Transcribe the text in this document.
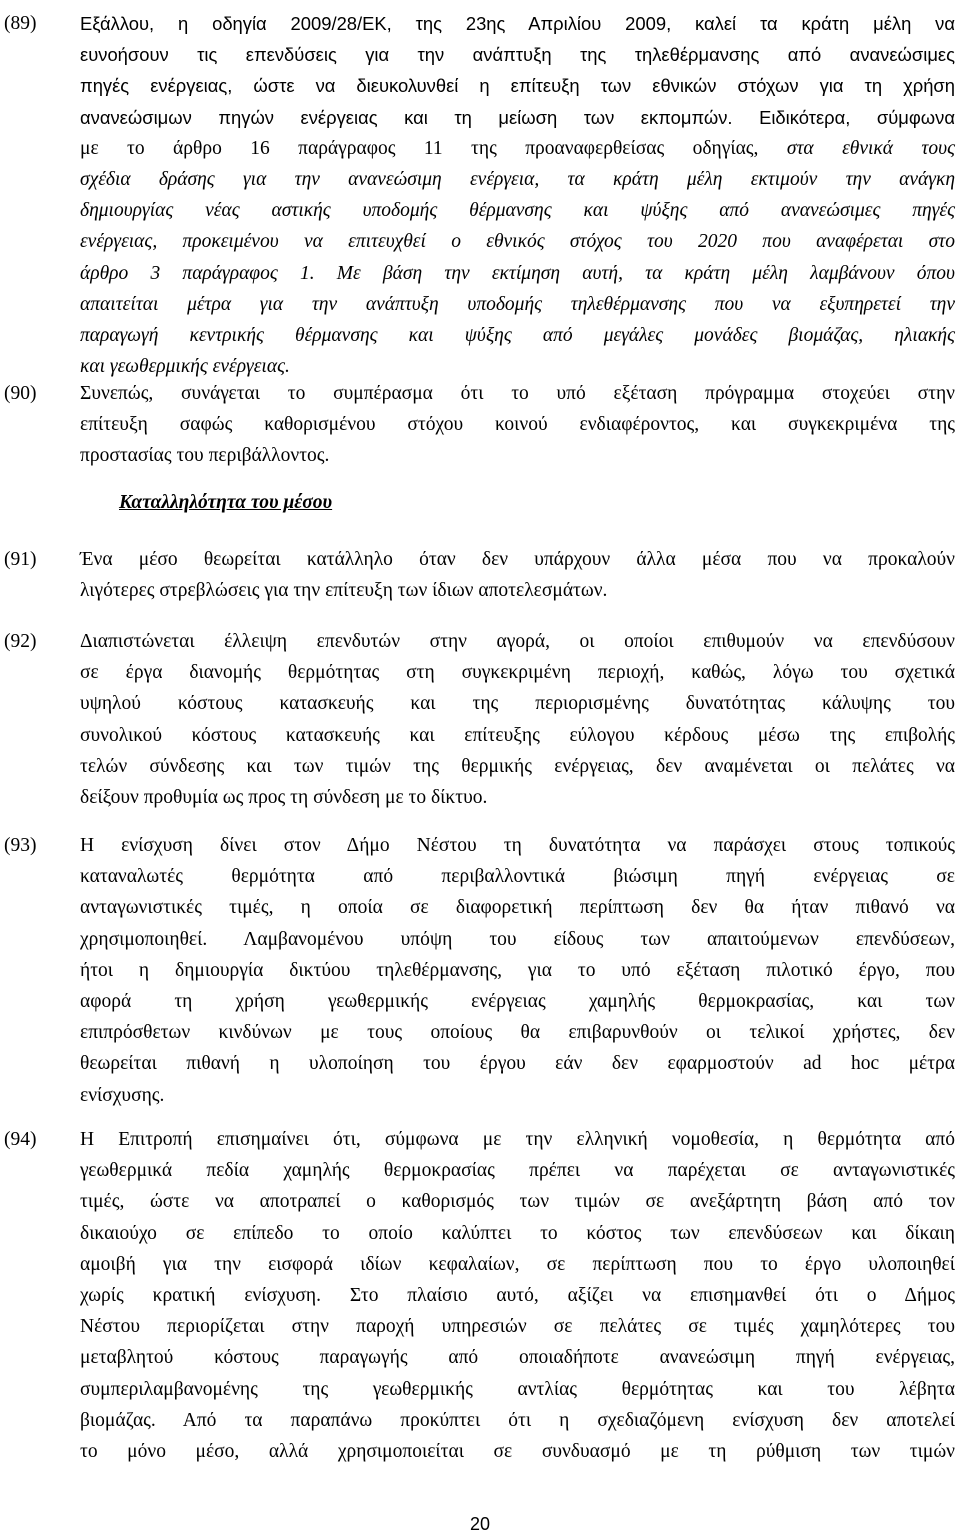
(89) Εξάλλου, η οδηγία 2009/28/ΕΚ, της 23ης Απριλίου 2009, καλεί τα κράτη μέλη να
ευνοήσουν τις επενδύσεις για την ανάπτυξη της τηλεθέρμανσης από ανανεώσιμες
πηγές ενέργειας, ώστε να διευκολυνθεί η επίτευξη των εθνικών στόχων για τη χρήση
ανανεώσιμων πηγών ενέργειας και τη μείωση των εκπομπών. Ειδικότερα, σύμφωνα
με το άρθρο 16 παράγραφος 11 της προαναφερθείσας οδηγίας, στα εθνικά τους
σχέδια δράσης για την ανανεώσιμη ενέργεια, τα κράτη μέλη εκτιμούν την ανάγκη
δημιουργίας νέας αστικής υποδομής θέρμανσης και ψύξης από ανανεώσιμες πηγές
ενέργειας, προκειμένου να επιτευχθεί ο εθνικός στόχος του 2020 που αναφέρεται στο
άρθρο 3 παράγραφος 1. Με βάση την εκτίμηση αυτή, τα κράτη μέλη λαμβάνουν όπου
απαιτείται μέτρα για την ανάπτυξη υποδομής τηλεθέρμανσης που να εξυπηρετεί την
παραγωγή κεντρικής θέρμανσης και ψύξης από μεγάλες μονάδες βιομάζας, ηλιακής
και γεωθερμικής ενέργειας.
(90) Συνεπώς, συνάγεται το συμπέρασμα ότι το υπό εξέταση πρόγραμμα στοχεύει στην
επίτευξη σαφώς καθορισμένου στόχου κοινού ενδιαφέροντος, και συγκεκριμένα της
προστασίας του περιβάλλοντος.
Καταλληλότητα του μέσου
(91) Ένα μέσο θεωρείται κατάλληλο όταν δεν υπάρχουν άλλα μέσα που να προκαλούν
λιγότερες στρεβλώσεις για την επίτευξη των ίδιων αποτελεσμάτων.
(92) Διαπιστώνεται έλλειψη επενδυτών στην αγορά, οι οποίοι επιθυμούν να επενδύσουν
σε έργα διανομής θερμότητας στη συγκεκριμένη περιοχή, καθώς, λόγω του σχετικά
υψηλού κόστους κατασκευής και της περιορισμένης δυνατότητας κάλυψης του
συνολικού κόστους κατασκευής και επίτευξης εύλογου κέρδους μέσω της επιβολής
τελών σύνδεσης και των τιμών της θερμικής ενέργειας, δεν αναμένεται οι πελάτες να
δείξουν προθυμία ως προς τη σύνδεση με το δίκτυο.
(93) Η ενίσχυση δίνει στον Δήμο Νέστου τη δυνατότητα να παράσχει στους τοπικούς
καταναλωτές θερμότητα από περιβαλλοντικά βιώσιμη πηγή ενέργειας σε
ανταγωνιστικές τιμές, η οποία σε διαφορετική περίπτωση δεν θα ήταν πιθανό να
χρησιμοποιηθεί. Λαμβανομένου υπόψη του είδους των απαιτούμενων επενδύσεων,
ήτοι η δημιουργία δικτύου τηλεθέρμανσης, για το υπό εξέταση πιλοτικό έργο, που
αφορά τη χρήση γεωθερμικής ενέργειας χαμηλής θερμοκρασίας, και των
επιπρόσθετων κινδύνων με τους οποίους θα επιβαρυνθούν οι τελικοί χρήστες, δεν
θεωρείται πιθανή η υλοποίηση του έργου εάν δεν εφαρμοστούν ad hoc μέτρα
ενίσχυσης.
(94) Η Επιτροπή επισημαίνει ότι, σύμφωνα με την ελληνική νομοθεσία, η θερμότητα από
γεωθερμικά πεδία χαμηλής θερμοκρασίας πρέπει να παρέχεται σε ανταγωνιστικές
τιμές, ώστε να αποτραπεί ο καθορισμός των τιμών σε ανεξάρτητη βάση από τον
δικαιούχο σε επίπεδο το οποίο καλύπτει το κόστος των επενδύσεων και δίκαιη
αμοιβή για την εισφορά ιδίων κεφαλαίων, σε περίπτωση που το έργο υλοποιηθεί
χωρίς κρατική ενίσχυση. Στο πλαίσιο αυτό, αξίζει να επισημανθεί ότι ο Δήμος
Νέστου περιορίζεται στην παροχή υπηρεσιών σε πελάτες σε τιμές χαμηλότερες του
μεταβλητού κόστους παραγωγής από οποιαδήποτε ανανεώσιμη πηγή ενέργειας,
συμπεριλαμβανομένης της γεωθερμικής αντλίας θερμότητας και του λέβητα
βιομάζας. Από τα παραπάνω προκύπτει ότι η σχεδιαζόμενη ενίσχυση δεν αποτελεί
το μόνο μέσο, αλλά χρησιμοποιείται σε συνδυασμό με τη ρύθμιση των τιμών
20
